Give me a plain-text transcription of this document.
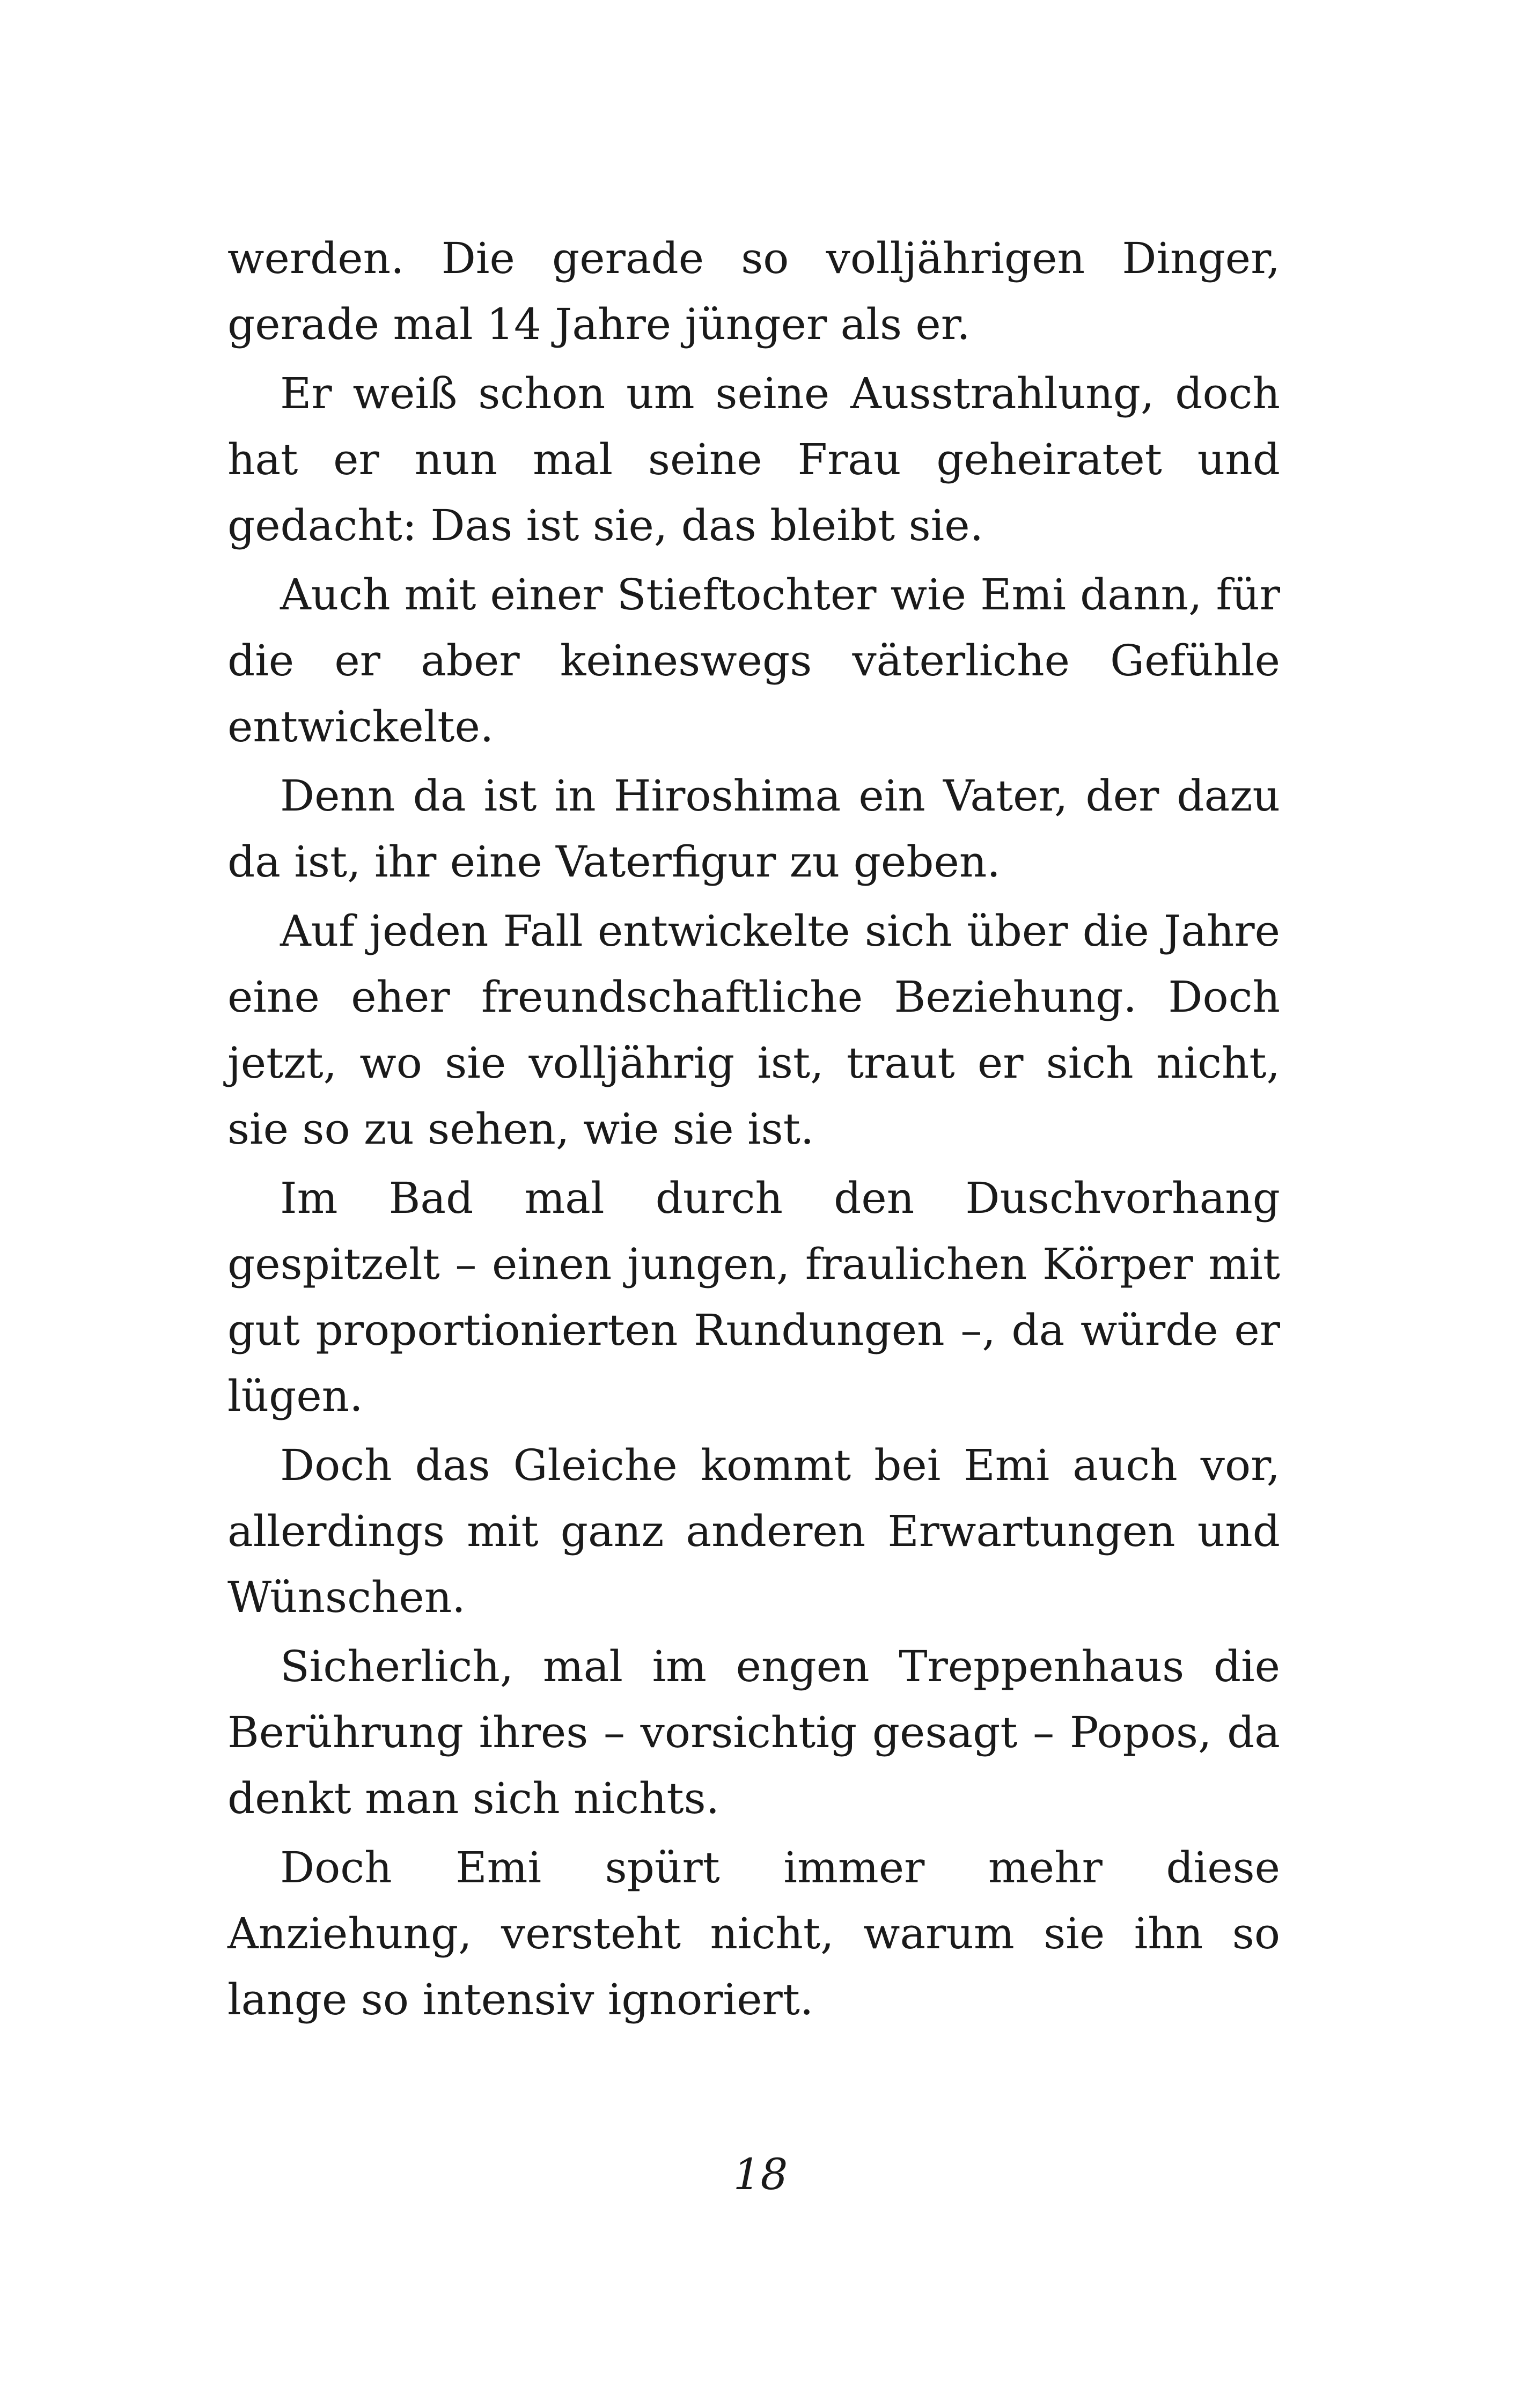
werden. Die gerade so volljährigen Dinger, gerade mal 14 Jahre jünger als er.

Er weiß schon um seine Ausstrahlung, doch hat er nun mal seine Frau geheiratet und gedacht: Das ist sie, das bleibt sie.

Auch mit einer Stieftochter wie Emi dann, für die er aber keineswegs väterliche Gefühle entwickelte.

Denn da ist in Hiroshima ein Vater, der dazu da ist, ihr eine Vaterfigur zu geben.

Auf jeden Fall entwickelte sich über die Jahre eine eher freundschaftliche Beziehung. Doch jetzt, wo sie volljährig ist, traut er sich nicht, sie so zu sehen, wie sie ist.

Im Bad mal durch den Duschvorhang gespitzelt – einen jungen, fraulichen Körper mit gut proportionierten Rundungen –, da würde er lügen.

Doch das Gleiche kommt bei Emi auch vor, allerdings mit ganz anderen Erwartungen und Wünschen.

Sicherlich, mal im engen Treppenhaus die Berührung ihres – vorsichtig gesagt – Popos, da denkt man sich nichts.

Doch Emi spürt immer mehr diese Anziehung, versteht nicht, warum sie ihn so lange so intensiv ignoriert.

18
